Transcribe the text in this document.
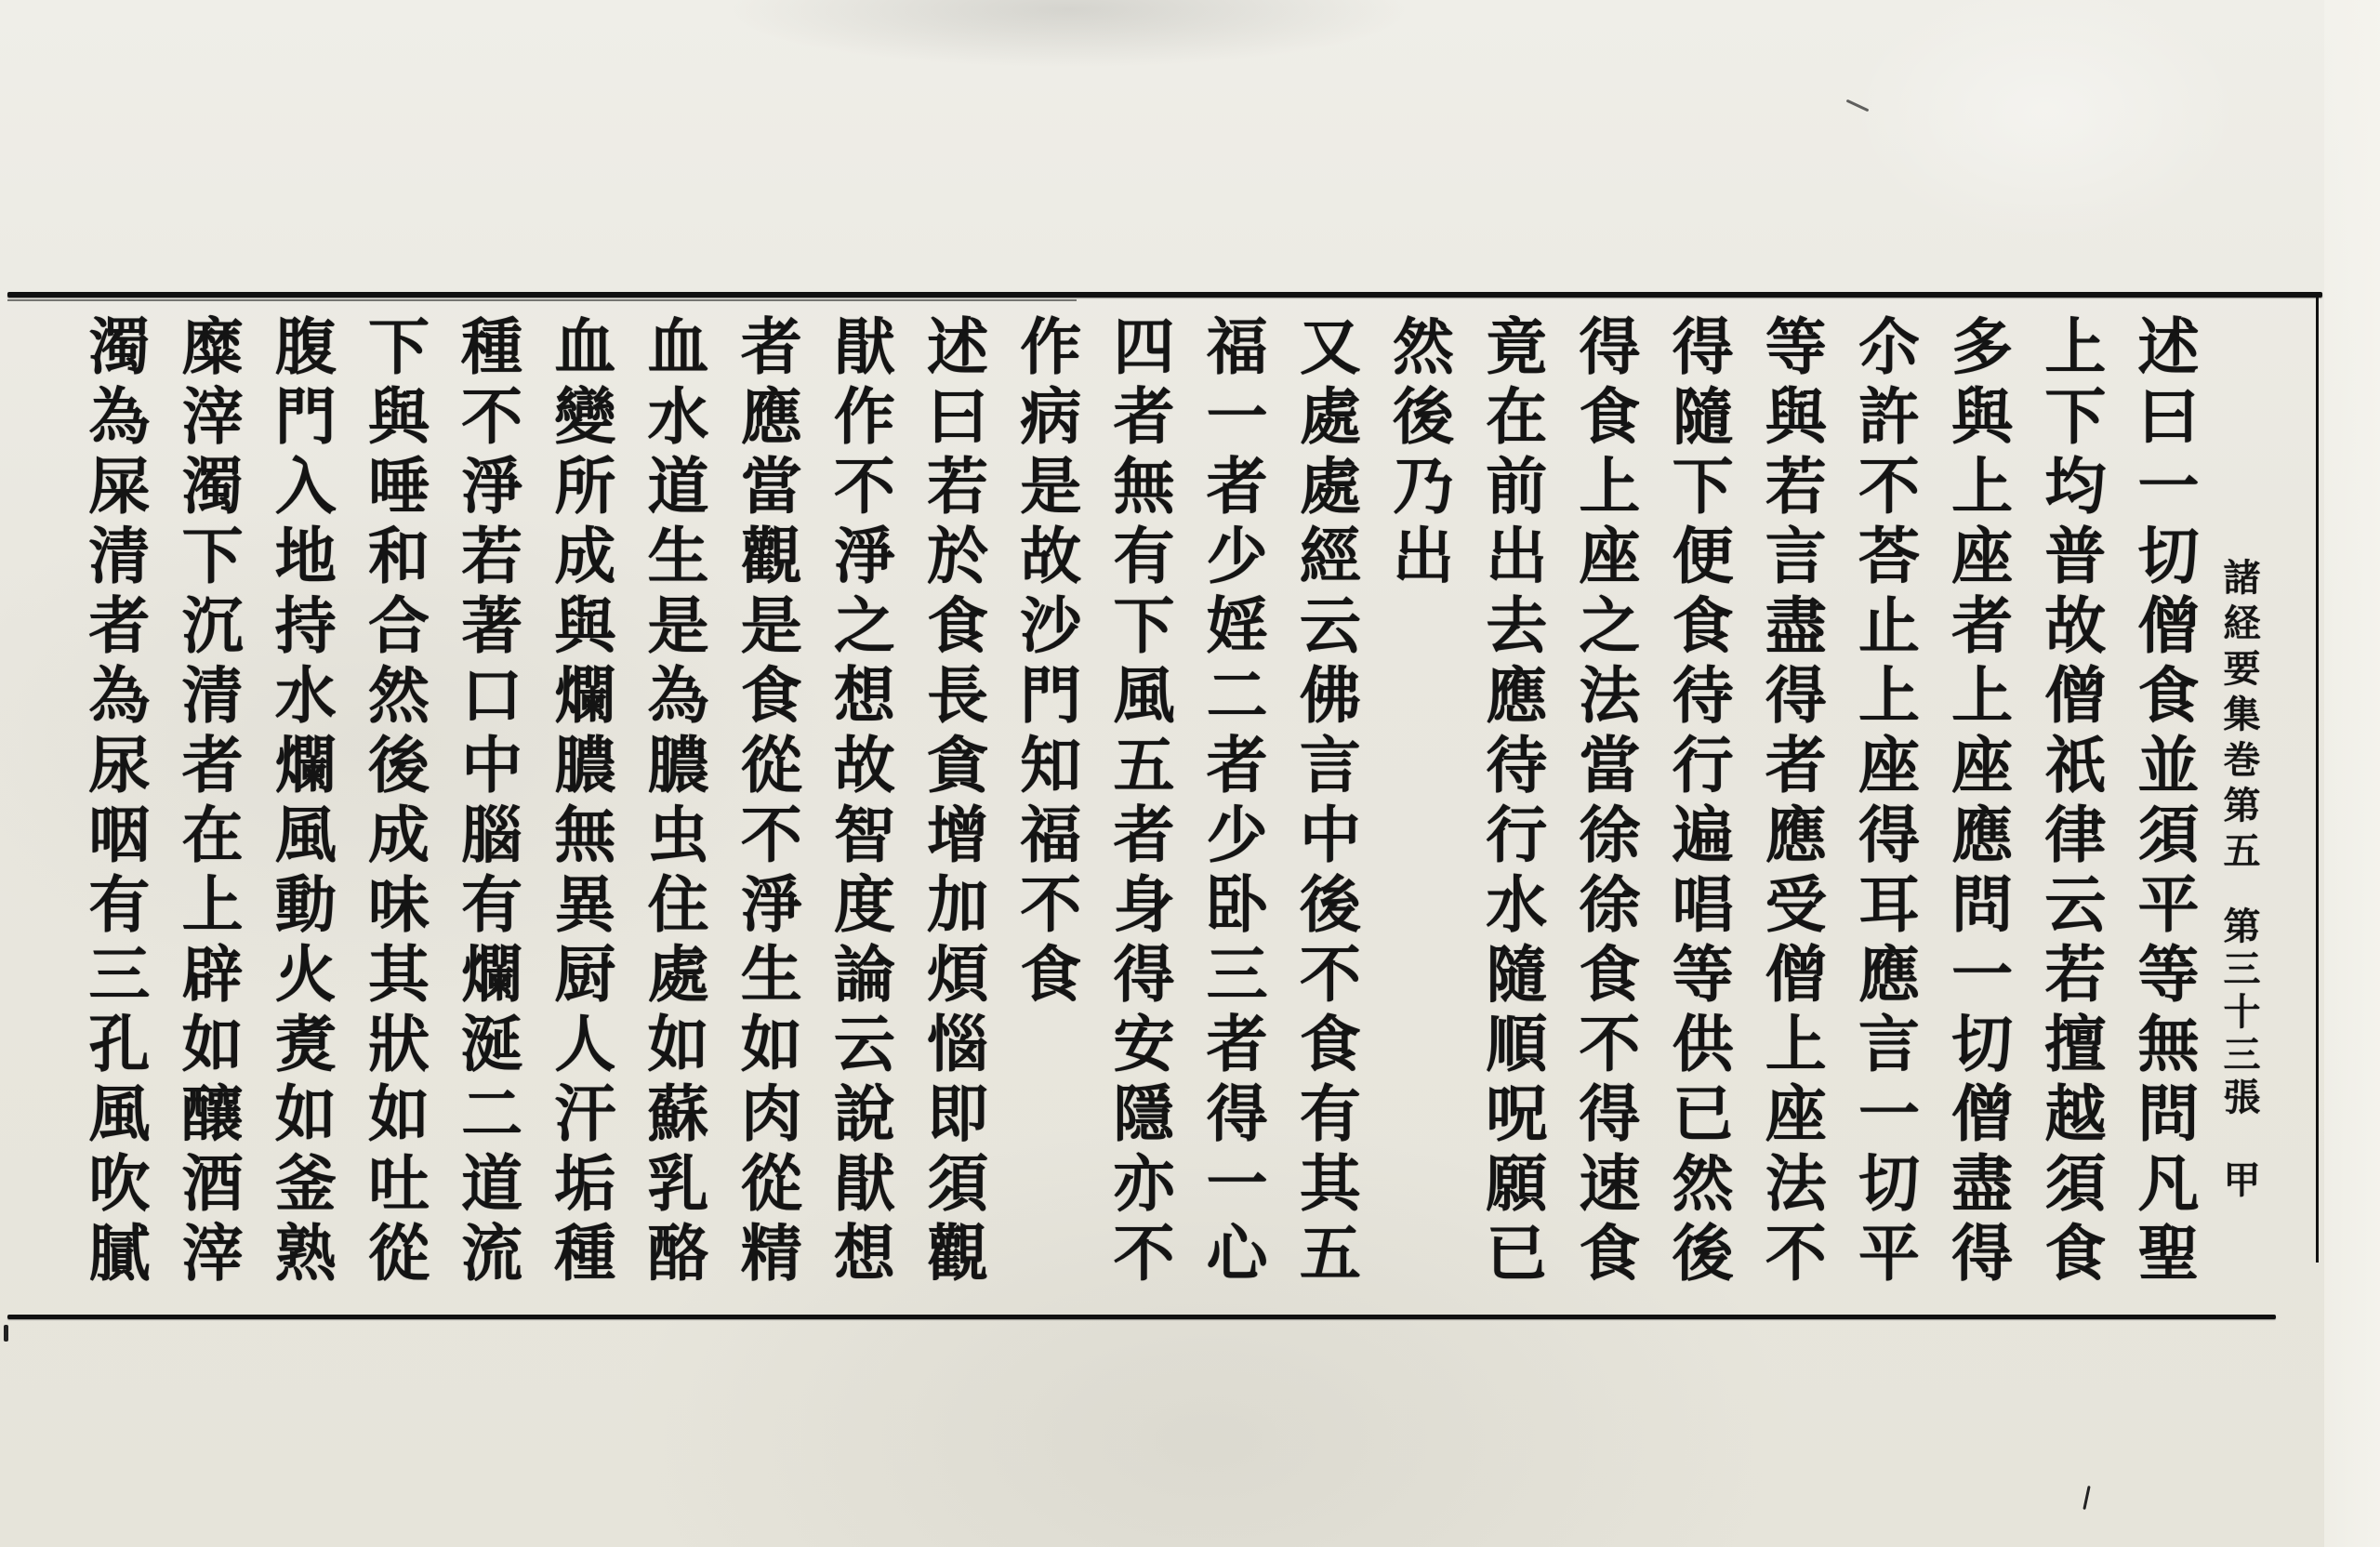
諸経要集巻第五
第三十三張
甲
述曰一切僧食並須平等無問凡聖
上下均普故僧祇律云若擅越須食
多與上座者上座應問一切僧盡得
尒許不荅止上座得耳應言一切平
等與若言盡得者應受僧上座法不
得隨下便食待行遍唱等供已然後
得食上座之法當徐徐食不得速食
竟在前出去應待行水隨順呪願已
然後乃出
又處處經云佛言中後不食有其五
福一者少婬二者少卧三者得一心
四者無有下風五者身得安隱亦不
作病是故沙門知福不食
述曰若於食長貪增加煩惱即須觀
猒作不淨之想故智度論云說猒想
者應當觀是食從不淨生如肉從精
血水道生是為膿虫住處如蘇乳酪
血變所成與爛膿無異厨人汗垢種
種不淨若著口中腦有爛涎二道流
下與唾和合然後成味其狀如吐從
腹門入地持水爛風動火煑如釜熟
糜滓濁下沉清者在上辟如釀酒滓
濁為屎清者為尿咽有三孔風吹膩
